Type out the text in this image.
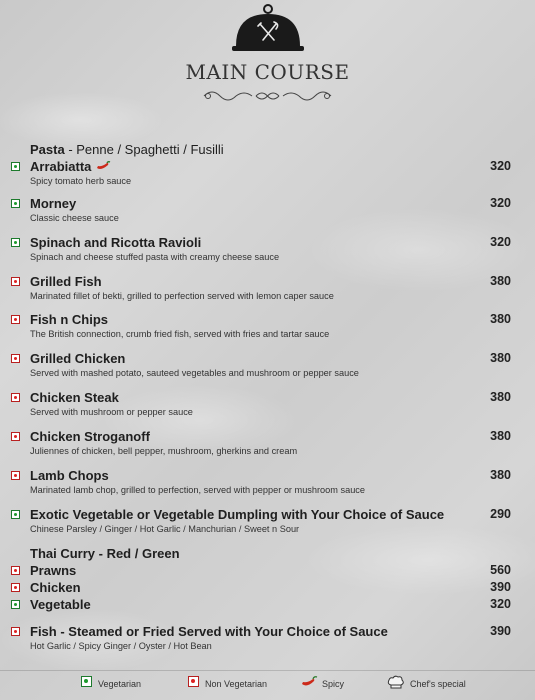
MAIN COURSE
Pasta - Penne / Spaghetti / Fusilli
Arrabiatta
Spicy tomato herb sauce
320
Morney
Classic cheese sauce
320
Spinach and Ricotta Ravioli
Spinach and cheese stuffed pasta with creamy cheese sauce
320
Grilled Fish
Marinated fillet of bekti, grilled to perfection served with lemon caper sauce
380
Fish n Chips
The British connection, crumb fried fish, served with fries and tartar sauce
380
Grilled Chicken
Served with mashed potato, sauteed vegetables and mushroom or pepper sauce
380
Chicken Steak
Served with mushroom or pepper sauce
380
Chicken Stroganoff
Juliennes of chicken, bell pepper, mushroom, gherkins and cream
380
Lamb Chops
Marinated lamb chop, grilled to perfection, served with pepper or mushroom sauce
380
Exotic Vegetable or Vegetable Dumpling with Your Choice of Sauce
Chinese Parsley / Ginger / Hot Garlic / Manchurian / Sweet n Sour
290
Thai Curry - Red / Green
Prawns	560
Chicken	390
Vegetable	320
Fish - Steamed or Fried Served with Your Choice of Sauce
Hot Garlic / Spicy Ginger / Oyster / Hot Bean
390
Vegetarian	Non Vegetarian	Spicy	Chef's special
